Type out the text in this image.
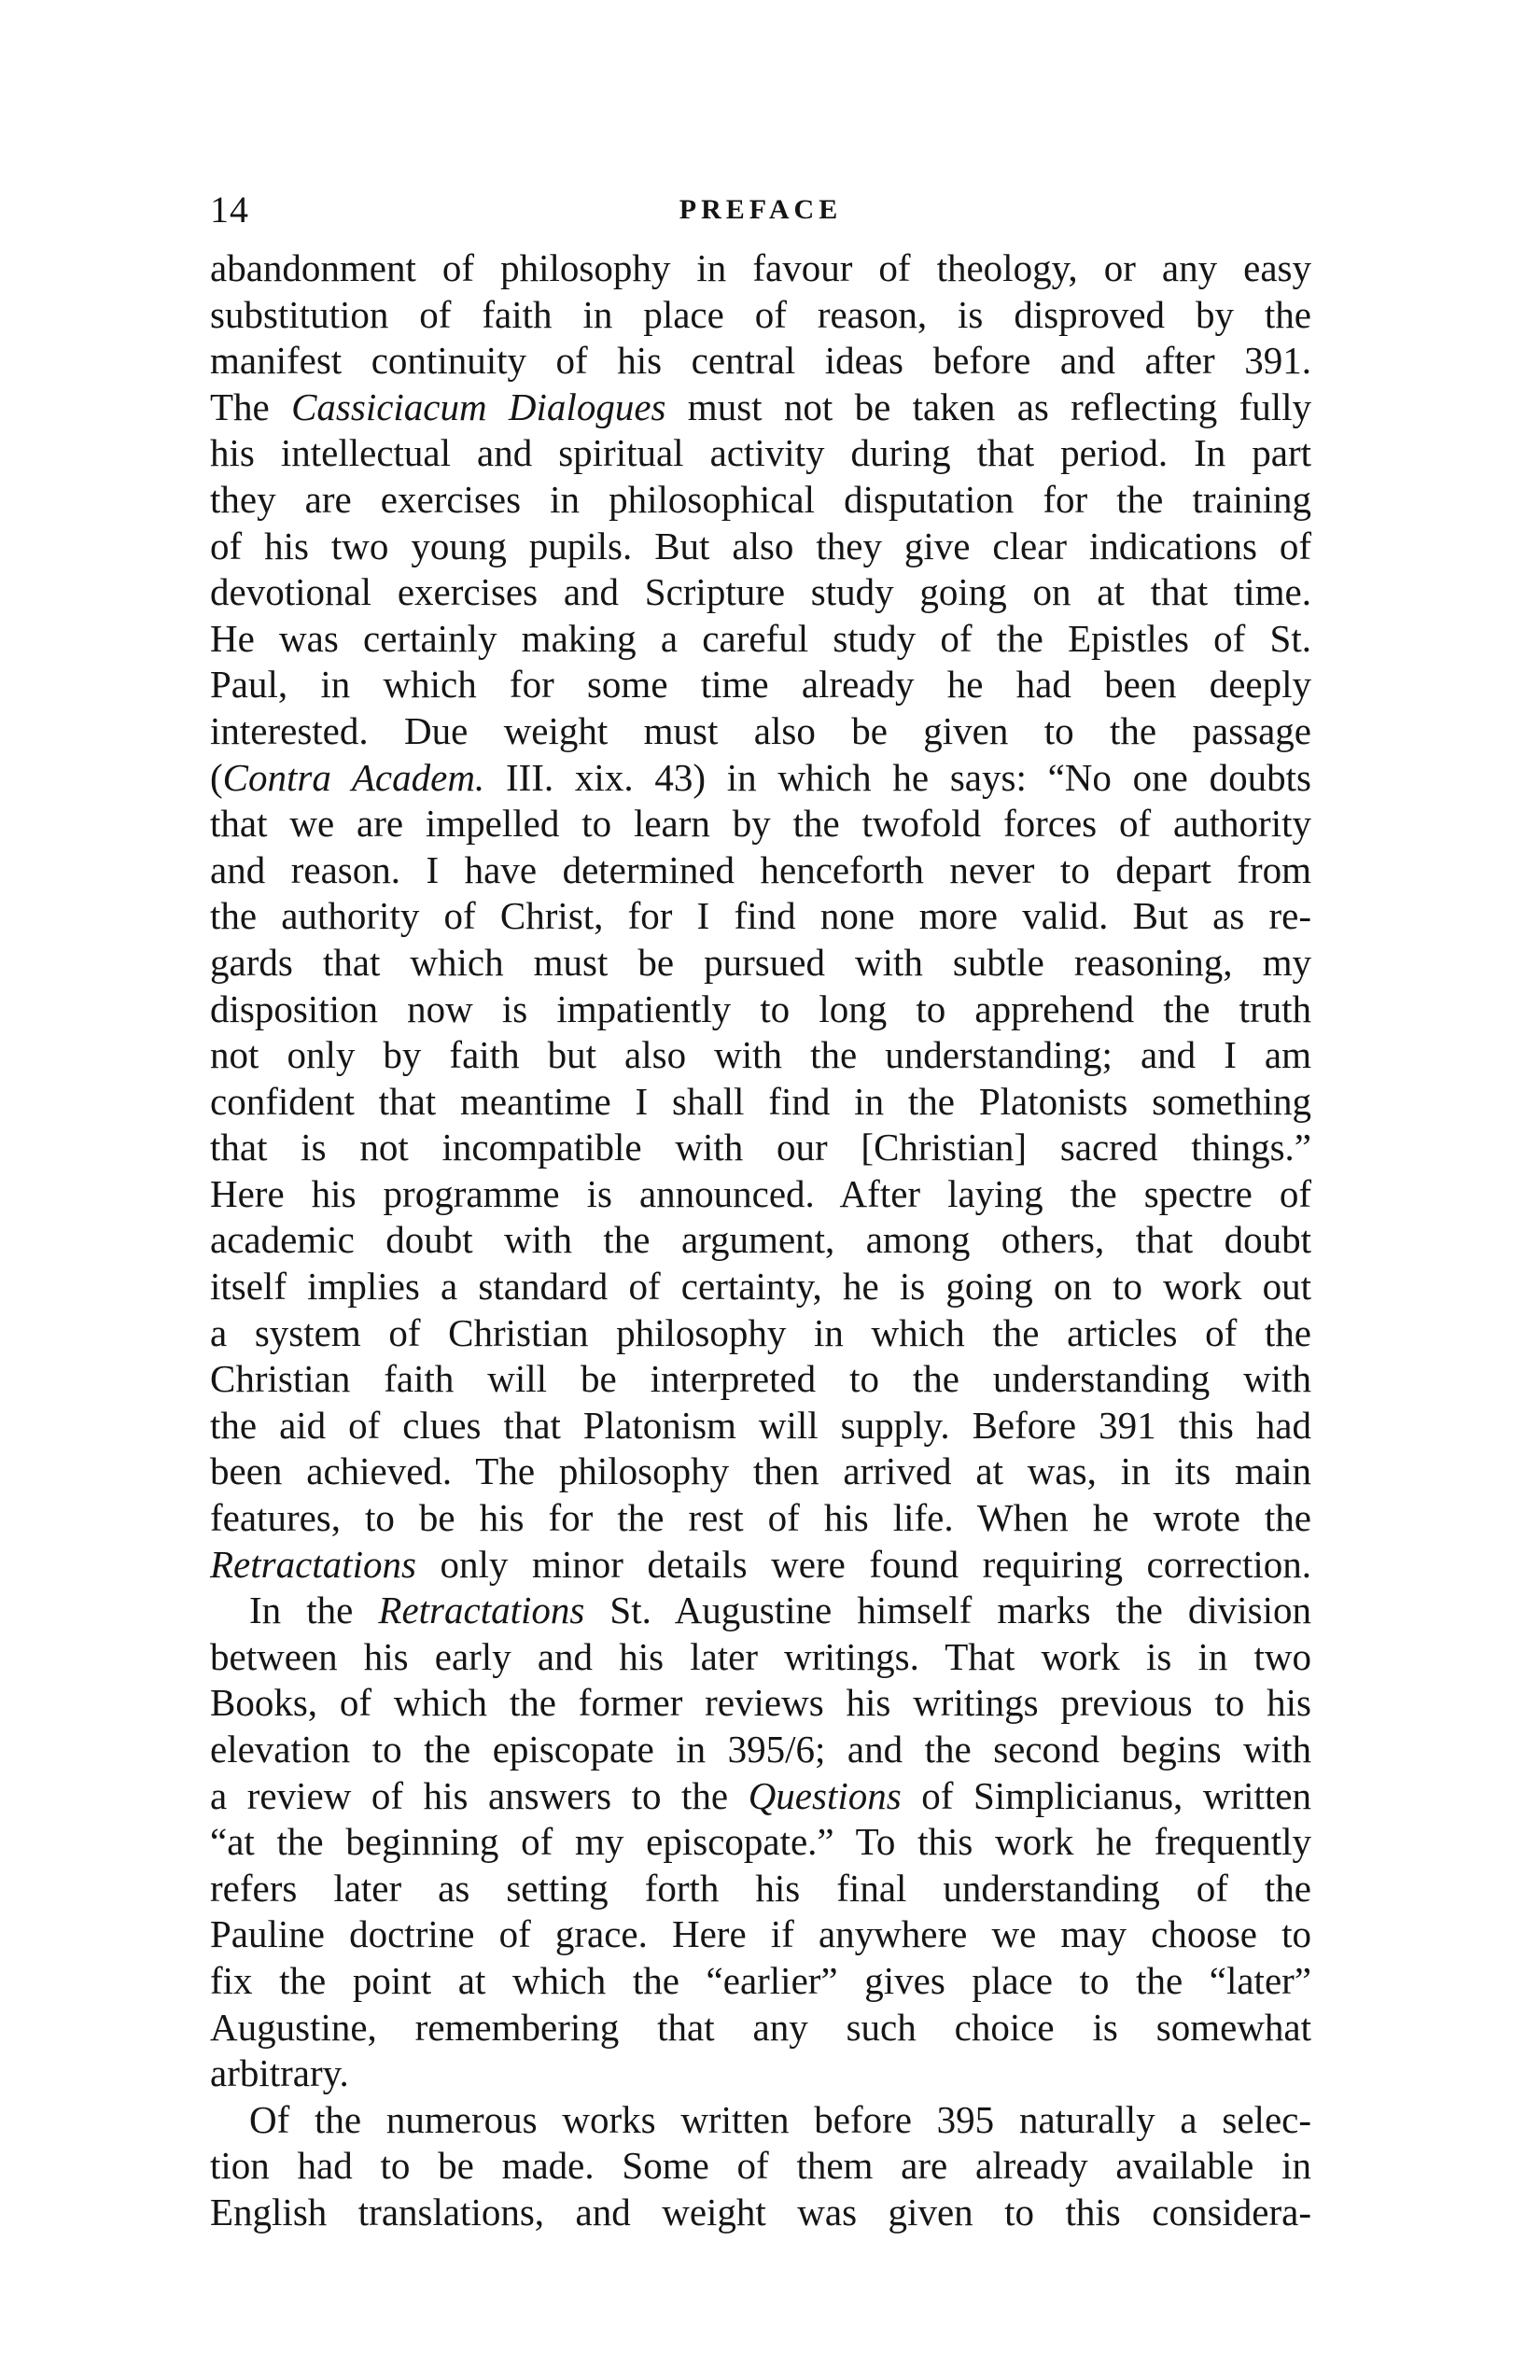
14	PREFACE
abandonment of philosophy in favour of theology, or any easy
substitution of faith in place of reason, is disproved by the
manifest continuity of his central ideas before and after 391.
The Cassiciacum Dialogues must not be taken as reflecting fully
his intellectual and spiritual activity during that period. In part
they are exercises in philosophical disputation for the training
of his two young pupils. But also they give clear indications of
devotional exercises and Scripture study going on at that time.
He was certainly making a careful study of the Epistles of St.
Paul, in which for some time already he had been deeply
interested. Due weight must also be given to the passage
(Contra Academ. III. xix. 43) in which he says: “No one doubts
that we are impelled to learn by the twofold forces of authority
and reason. I have determined henceforth never to depart from
the authority of Christ, for I find none more valid. But as re-
gards that which must be pursued with subtle reasoning, my
disposition now is impatiently to long to apprehend the truth
not only by faith but also with the understanding; and I am
confident that meantime I shall find in the Platonists something
that is not incompatible with our [Christian] sacred things.”
Here his programme is announced. After laying the spectre of
academic doubt with the argument, among others, that doubt
itself implies a standard of certainty, he is going on to work out
a system of Christian philosophy in which the articles of the
Christian faith will be interpreted to the understanding with
the aid of clues that Platonism will supply. Before 391 this had
been achieved. The philosophy then arrived at was, in its main
features, to be his for the rest of his life. When he wrote the
Retractations only minor details were found requiring correction.
In the Retractations St. Augustine himself marks the division
between his early and his later writings. That work is in two
Books, of which the former reviews his writings previous to his
elevation to the episcopate in 395/6; and the second begins with
a review of his answers to the Questions of Simplicianus, written
“at the beginning of my episcopate.” To this work he frequently
refers later as setting forth his final understanding of the
Pauline doctrine of grace. Here if anywhere we may choose to
fix the point at which the “earlier” gives place to the “later”
Augustine, remembering that any such choice is somewhat
arbitrary.
Of the numerous works written before 395 naturally a selec-
tion had to be made. Some of them are already available in
English translations, and weight was given to this considera-
